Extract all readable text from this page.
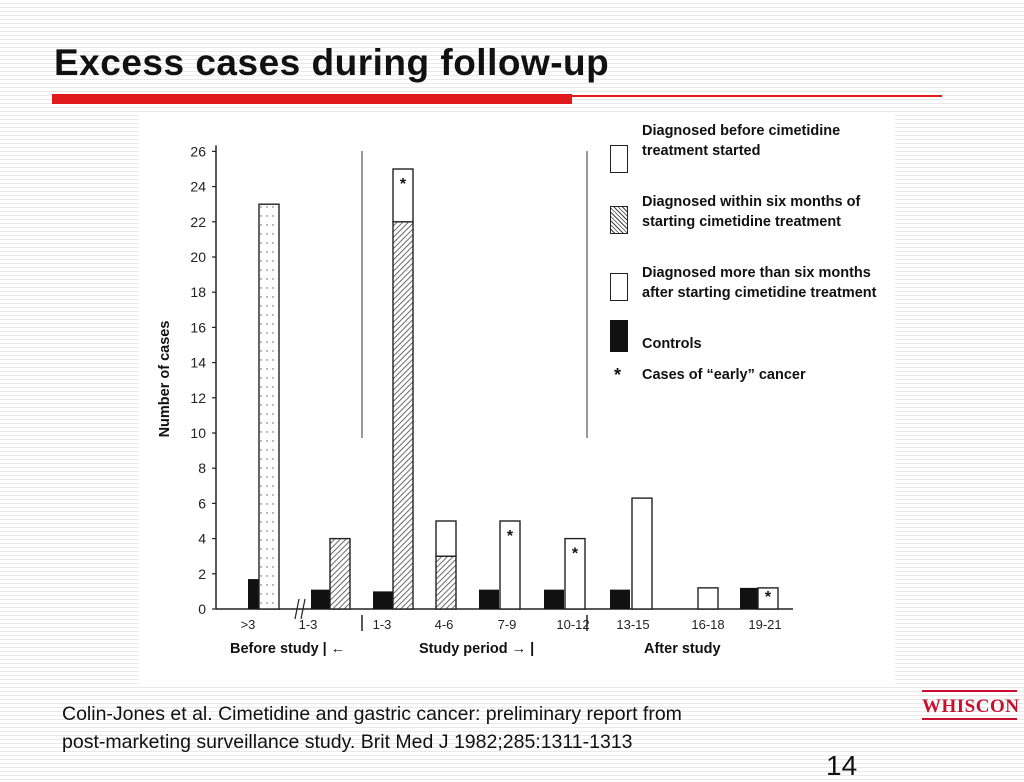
Excess cases during follow-up
0
2
4
6
8
10
12
14
16
18
20
22
24
26
Number of cases
>3	1-3
*
1-3	4-6
*
7-9
*
10-12 13-15	16-18
*
19-21
Diagnosed before cimetidine treatment started
Diagnosed within six months of starting cimetidine treatment
Diagnosed more than six months after starting cimetidine treatment
Controls
* Cases of “early” cancer
Before study | ←	Study period → |	After study

Colin-Jones et al. Cimetidine and gastric cancer: preliminary report from
post-marketing surveillance study. Brit Med J 1982;285:1311-1313

WHISCON
14
